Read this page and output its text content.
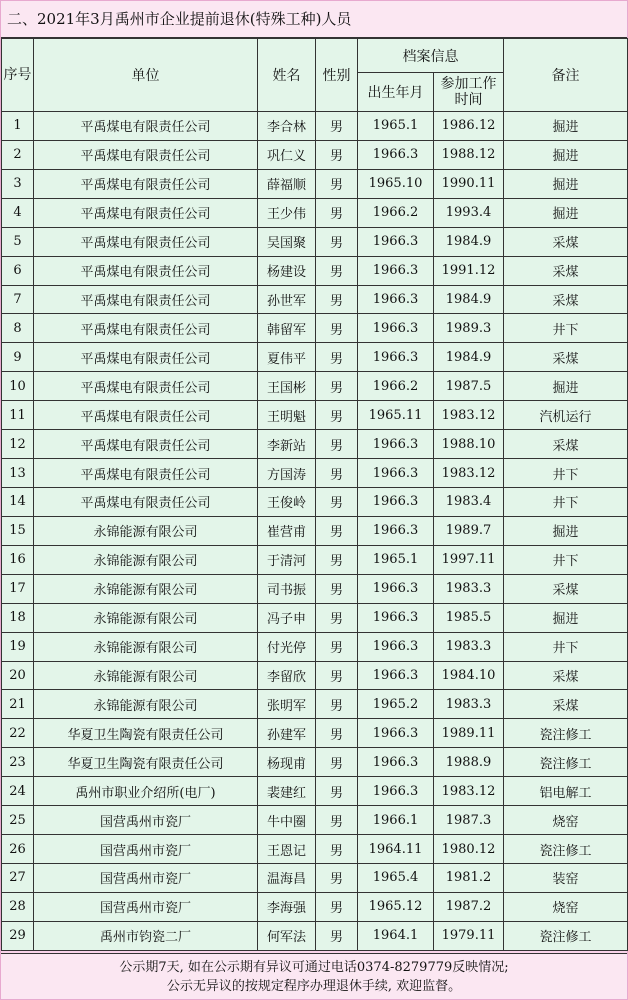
二、2021年3月禹州市企业提前退休(特殊工种)人员
序号	单位	姓名	性别	档案信息		备注
				出生年月	参加工作时间	
1	平禹煤电有限责任公司	李合林	男	1965.1	1986.12	掘进
2	平禹煤电有限责任公司	巩仁义	男	1966.3	1988.12	掘进
3	平禹煤电有限责任公司	薛福顺	男	1965.10	1990.11	掘进
4	平禹煤电有限责任公司	王少伟	男	1966.2	1993.4	掘进
5	平禹煤电有限责任公司	吴国聚	男	1966.3	1984.9	采煤
6	平禹煤电有限责任公司	杨建设	男	1966.3	1991.12	采煤
7	平禹煤电有限责任公司	孙世军	男	1966.3	1984.9	采煤
8	平禹煤电有限责任公司	韩留军	男	1966.3	1989.3	井下
9	平禹煤电有限责任公司	夏伟平	男	1966.3	1984.9	采煤
10	平禹煤电有限责任公司	王国彬	男	1966.2	1987.5	掘进
11	平禹煤电有限责任公司	王明魁	男	1965.11	1983.12	汽机运行
12	平禹煤电有限责任公司	李新站	男	1966.3	1988.10	采煤
13	平禹煤电有限责任公司	方国涛	男	1966.3	1983.12	井下
14	平禹煤电有限责任公司	王俊岭	男	1966.3	1983.4	井下
15	永锦能源有限公司	崔营甫	男	1966.3	1989.7	掘进
16	永锦能源有限公司	于清河	男	1965.1	1997.11	井下
17	永锦能源有限公司	司书振	男	1966.3	1983.3	采煤
18	永锦能源有限公司	冯子申	男	1966.3	1985.5	掘进
19	永锦能源有限公司	付光停	男	1966.3	1983.3	井下
20	永锦能源有限公司	李留欣	男	1966.3	1984.10	采煤
21	永锦能源有限公司	张明军	男	1965.2	1983.3	采煤
22	华夏卫生陶瓷有限责任公司	孙建军	男	1966.3	1989.11	瓷注修工
23	华夏卫生陶瓷有限责任公司	杨现甫	男	1966.3	1988.9	瓷注修工
24	禹州市职业介绍所(电厂)	裴建红	男	1966.3	1983.12	铝电解工
25	国营禹州市瓷厂	牛中圈	男	1966.1	1987.3	烧窑
26	国营禹州市瓷厂	王恩记	男	1964.11	1980.12	瓷注修工
27	国营禹州市瓷厂	温海昌	男	1965.4	1981.2	装窑
28	国营禹州市瓷厂	李海强	男	1965.12	1987.2	烧窑
29	禹州市钧瓷二厂	何军法	男	1964.1	1979.11	瓷注修工
公示期7天, 如在公示期有异议可通过电话0374-8279779反映情况;
公示无异议的按规定程序办理退休手续, 欢迎监督。
